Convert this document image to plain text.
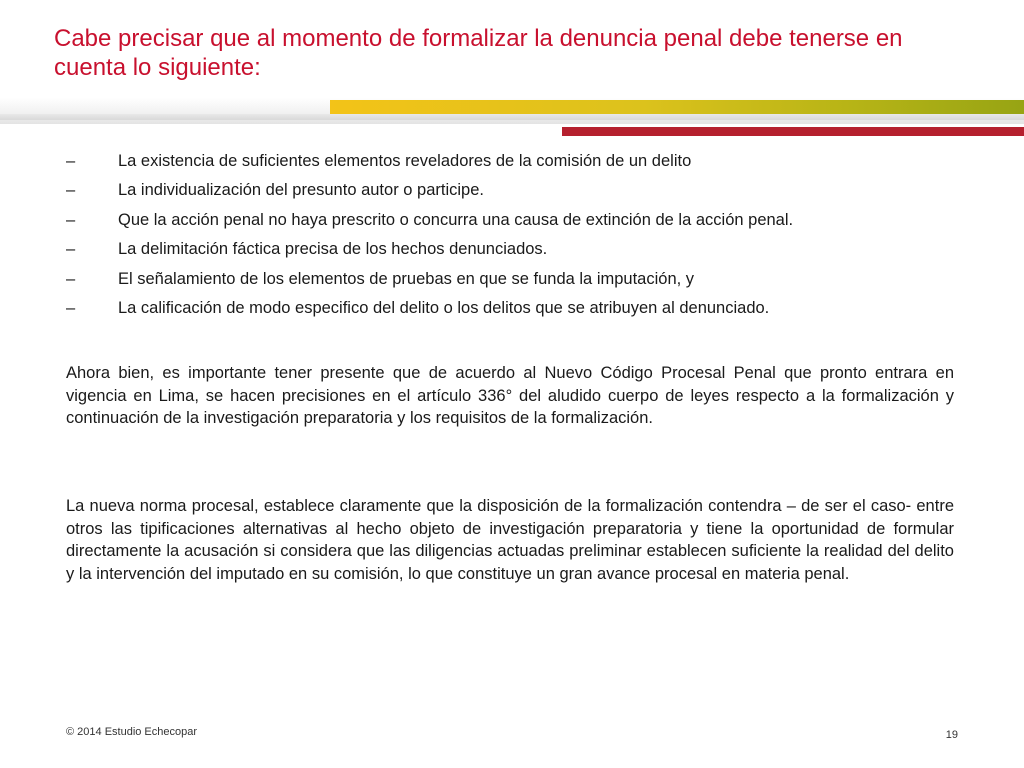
Cabe precisar que al momento de formalizar la denuncia penal debe tenerse en cuenta lo siguiente:
–	La existencia de suficientes elementos reveladores de la comisión de un delito
–	La individualización del presunto autor o participe.
–	Que la acción penal no haya prescrito o concurra una causa de extinción de la acción penal.
–	La delimitación fáctica precisa de los hechos denunciados.
–	El señalamiento de los elementos de pruebas en que se funda la imputación, y
–	La calificación de modo especifico del delito o los delitos que se atribuyen al denunciado.

Ahora bien, es importante tener presente que de acuerdo al Nuevo Código Procesal Penal que pronto entrara en vigencia en Lima, se hacen precisiones en el artículo 336° del aludido cuerpo de leyes respecto a la formalización y continuación de la investigación preparatoria y los requisitos de la formalización.

La nueva norma procesal, establece claramente que la disposición de la formalización contendra – de ser el caso- entre otros las tipificaciones alternativas al hecho objeto de investigación preparatoria y tiene la oportunidad de formular directamente la acusación si considera que las diligencias actuadas preliminar establecen suficiente la realidad del delito y la intervención del imputado en su comisión, lo que constituye un gran avance procesal en materia penal.

© 2014 Estudio Echecopar	19
